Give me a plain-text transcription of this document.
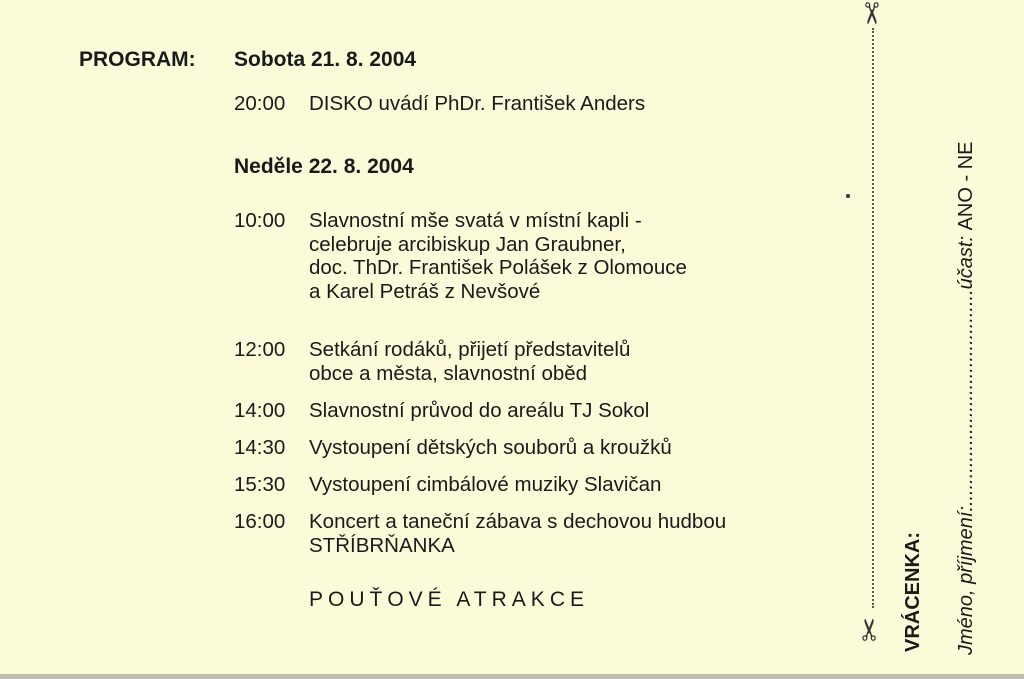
PROGRAM: Sobota 21. 8. 2004
20:00 DISKO uvádí PhDr. František Anders
Neděle 22. 8. 2004
10:00 Slavnostní mše svatá v místní kapli -
celebruje arcibiskup Jan Graubner,
doc. ThDr. František Polášek z Olomouce
a Karel Petráš z Nevšové
12:00 Setkání rodáků, přijetí představitelů
obce a města, slavnostní oběd
14:00 Slavnostní průvod do areálu TJ Sokol
14:30 Vystoupení dětských souborů a kroužků
15:30 Vystoupení cimbálové muziky Slavičan
16:00 Koncert a taneční zábava s dechovou hudbou
STŘÍBRŇANKA
POUŤOVÉ ATRAKCE
✂
✂ VRÁCENKA: Jméno, příjmení:.......................................účast: ANO - NE
